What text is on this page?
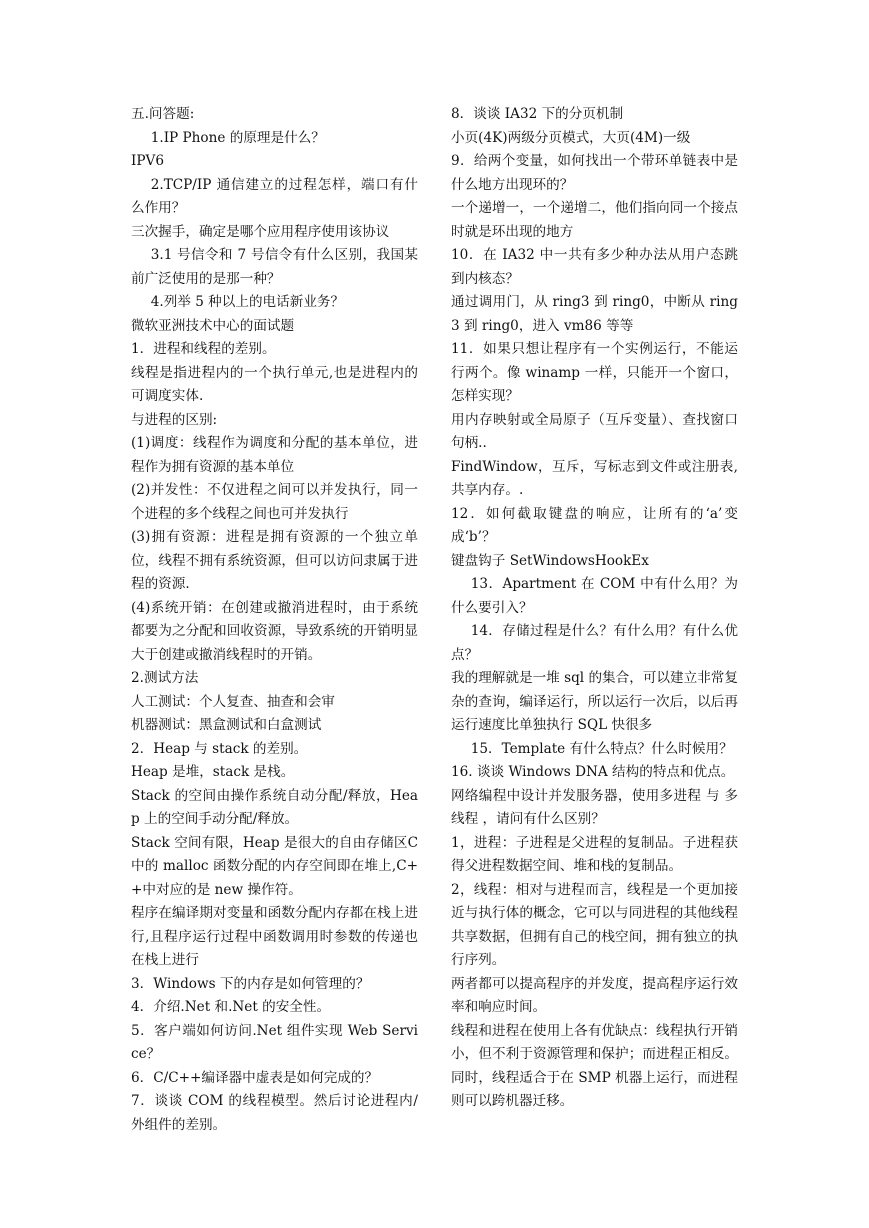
五.问答题:

1.IP Phone 的原理是什么？

IPV6

2.TCP/IP 通信建立的过程怎样，端口有什么作用？

三次握手，确定是哪个应用程序使用该协议

3.1 号信令和 7 号信令有什么区别，我国某前广泛使用的是那一种？

4.列举 5 种以上的电话新业务？

微软亚洲技术中心的面试题

1．进程和线程的差别。

线程是指进程内的一个执行单元,也是进程内的可调度实体.

与进程的区别:

(1)调度：线程作为调度和分配的基本单位，进程作为拥有资源的基本单位

(2)并发性：不仅进程之间可以并发执行，同一个进程的多个线程之间也可并发执行

(3)拥有资源：进程是拥有资源的一个独立单位，线程不拥有系统资源，但可以访问隶属于进程的资源.

(4)系统开销：在创建或撤消进程时，由于系统都要为之分配和回收资源，导致系统的开销明显大于创建或撤消线程时的开销。

2.测试方法

人工测试：个人复查、抽查和会审

机器测试：黑盒测试和白盒测试

2．Heap 与 stack 的差别。

Heap 是堆，stack 是栈。

Stack 的空间由操作系统自动分配/释放，Heap 上的空间手动分配/释放。

Stack 空间有限，Heap 是很大的自由存储区C 中的 malloc 函数分配的内存空间即在堆上,C++中对应的是 new 操作符。

程序在编译期对变量和函数分配内存都在栈上进行,且程序运行过程中函数调用时参数的传递也在栈上进行

3．Windows 下的内存是如何管理的？

4．介绍.Net 和.Net 的安全性。

5．客户端如何访问.Net 组件实现 Web Service？

6．C/C++编译器中虚表是如何完成的？

7．谈谈 COM 的线程模型。然后讨论进程内/外组件的差别。

8．谈谈 IA32 下的分页机制

小页(4K)两级分页模式，大页(4M)一级

9．给两个变量，如何找出一个带环单链表中是什么地方出现环的？

一个递增一，一个递增二，他们指向同一个接点时就是环出现的地方

10．在 IA32 中一共有多少种办法从用户态跳到内核态？

通过调用门，从 ring3 到 ring0，中断从 ring3 到 ring0，进入 vm86 等等

11．如果只想让程序有一个实例运行，不能运行两个。像 winamp 一样，只能开一个窗口，怎样实现？

用内存映射或全局原子（互斥变量）、查找窗口句柄..

FindWindow，互斥，写标志到文件或注册表,共享内存。.

12．如何截取键盘的响应，让所有的‘a’变成‘b’？

键盘钩子 SetWindowsHookEx

13．Apartment 在 COM 中有什么用？为什么要引入？

14．存储过程是什么？有什么用？有什么优点？

我的理解就是一堆 sql 的集合，可以建立非常复杂的查询，编译运行，所以运行一次后，以后再运行速度比单独执行 SQL 快很多

15．Template 有什么特点？什么时候用？

16. 谈谈 Windows DNA 结构的特点和优点。

网络编程中设计并发服务器，使用多进程 与 多线程 ，请问有什么区别？

1，进程：子进程是父进程的复制品。子进程获得父进程数据空间、堆和栈的复制品。

2，线程：相对与进程而言，线程是一个更加接近与执行体的概念，它可以与同进程的其他线程共享数据，但拥有自己的栈空间，拥有独立的执行序列。

两者都可以提高程序的并发度，提高程序运行效率和响应时间。

线程和进程在使用上各有优缺点：线程执行开销小，但不利于资源管理和保护；而进程正相反。同时，线程适合于在 SMP 机器上运行，而进程则可以跨机器迁移。
